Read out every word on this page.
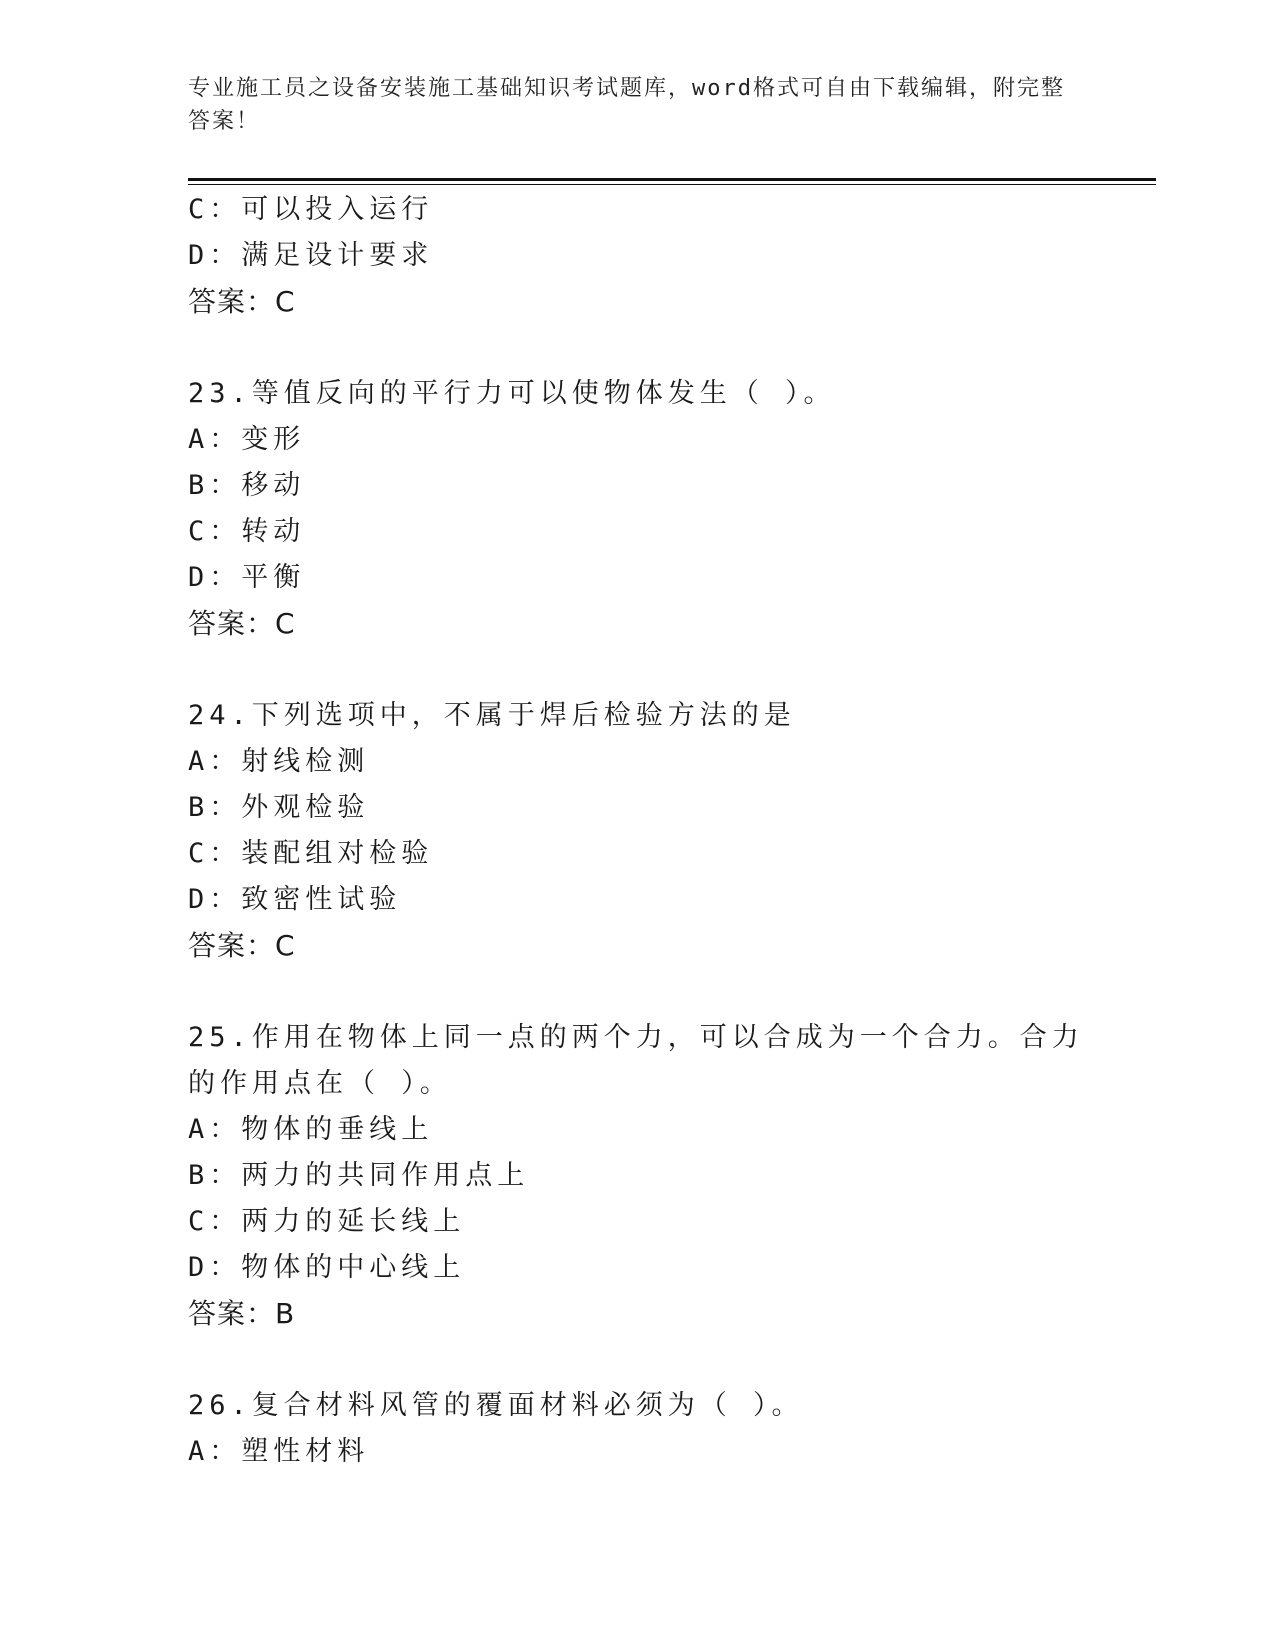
专业施工员之设备安装施工基础知识考试题库，word格式可自由下载编辑，附完整答案！
C：可以投入运行
D：满足设计要求
答案：C
23.等值反向的平行力可以使物体发生（ ）。
A：变形
B：移动
C：转动
D：平衡
答案：C
24.下列选项中，不属于焊后检验方法的是
A：射线检测
B：外观检验
C：装配组对检验
D：致密性试验
答案：C
25.作用在物体上同一点的两个力，可以合成为一个合力。合力的作用点在（ ）。
A：物体的垂线上
B：两力的共同作用点上
C：两力的延长线上
D：物体的中心线上
答案：B
26.复合材料风管的覆面材料必须为（ ）。
A：塑性材料
